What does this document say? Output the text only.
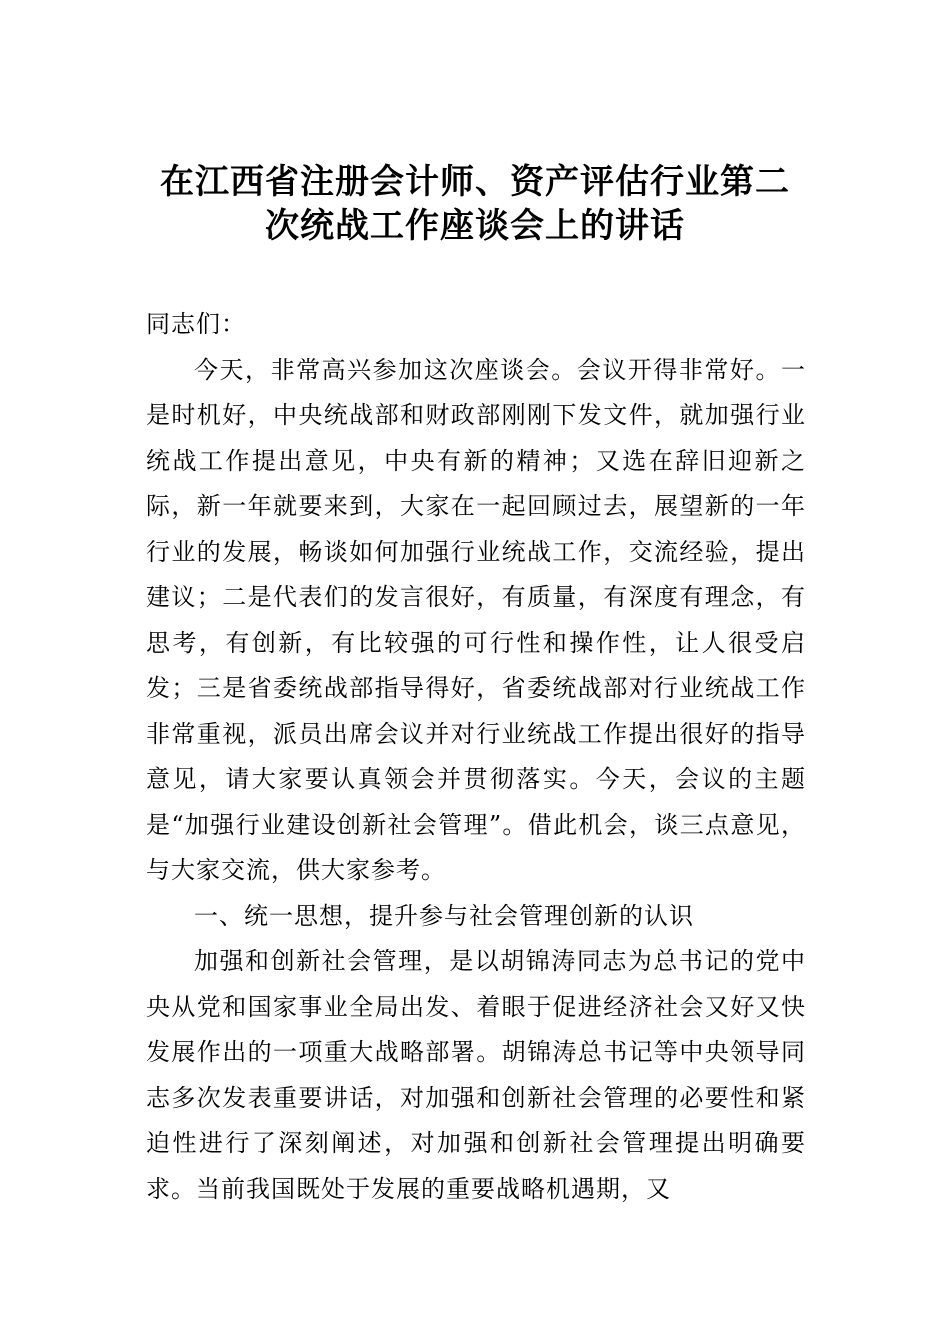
在江西省注册会计师、资产评估行业第二
次统战工作座谈会上的讲话

同志们：

今天，非常高兴参加这次座谈会。会议开得非常好。一是时机好，中央统战部和财政部刚刚下发文件，就加强行业统战工作提出意见，中央有新的精神；又选在辞旧迎新之际，新一年就要来到，大家在一起回顾过去，展望新的一年行业的发展，畅谈如何加强行业统战工作，交流经验，提出建议；二是代表们的发言很好，有质量，有深度有理念，有思考，有创新，有比较强的可行性和操作性，让人很受启发；三是省委统战部指导得好，省委统战部对行业统战工作非常重视，派员出席会议并对行业统战工作提出很好的指导意见，请大家要认真领会并贯彻落实。今天，会议的主题是“加强行业建设创新社会管理”。借此机会，谈三点意见，与大家交流，供大家参考。

一、统一思想，提升参与社会管理创新的认识

加强和创新社会管理，是以胡锦涛同志为总书记的党中央从党和国家事业全局出发、着眼于促进经济社会又好又快发展作出的一项重大战略部署。胡锦涛总书记等中央领导同志多次发表重要讲话，对加强和创新社会管理的必要性和紧迫性进行了深刻阐述，对加强和创新社会管理提出明确要求。当前我国既处于发展的重要战略机遇期，又
